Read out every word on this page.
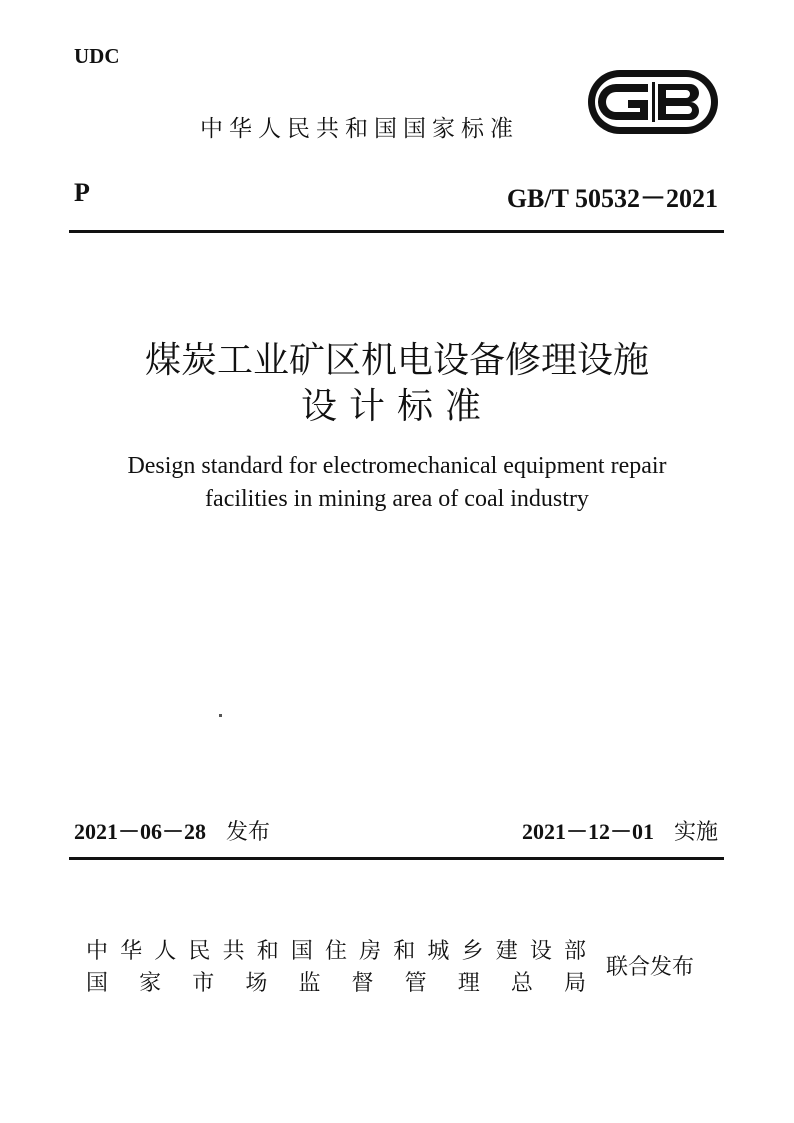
UDC
中华人民共和国国家标准
P	GB/T 50532－2021
煤炭工业矿区机电设备修理设施
设计标准
Design standard for electromechanical equipment repair
facilities in mining area of coal industry
2021－06－28 发布	2021－12－01 实施
中 华 人 民 共 和 国 住 房 和 城 乡 建 设 部
国 家 市 场 监 督 管 理 总 局
联合发布
